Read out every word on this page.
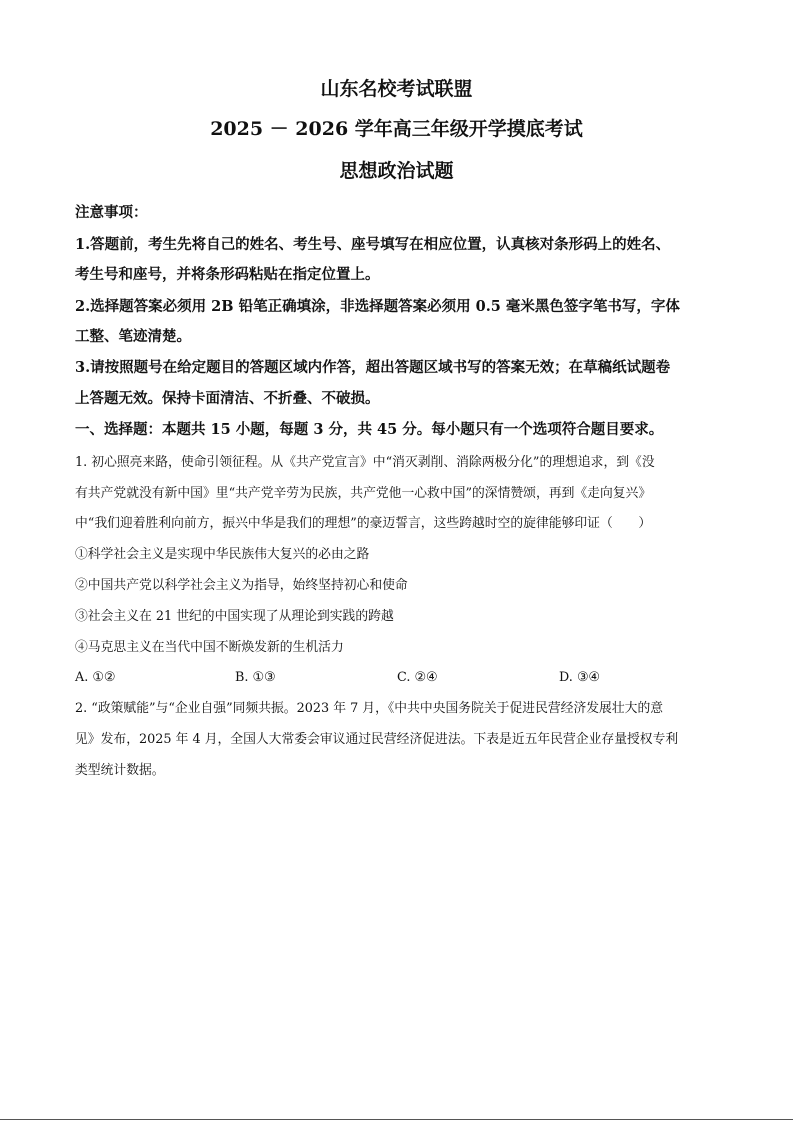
山东名校考试联盟
2025 － 2026 学年高三年级开学摸底考试
思想政治试题
注意事项：
1.答题前，考生先将自己的姓名、考生号、座号填写在相应位置，认真核对条形码上的姓名、
考生号和座号，并将条形码粘贴在指定位置上。
2.选择题答案必须用 2B 铅笔正确填涂，非选择题答案必须用 0.5 毫米黑色签字笔书写，字体
工整、笔迹清楚。
3.请按照题号在给定题目的答题区域内作答，超出答题区域书写的答案无效；在草稿纸试题卷
上答题无效。保持卡面清洁、不折叠、不破损。
一、选择题：本题共 15 小题，每题 3 分，共 45 分。每小题只有一个选项符合题目要求。
1. 初心照亮来路，使命引领征程。从《共产党宣言》中“消灭剥削、消除两极分化”的理想追求，到《没
有共产党就没有新中国》里“共产党辛劳为民族，共产党他一心救中国”的深情赞颂，再到《走向复兴》
中“我们迎着胜利向前方，振兴中华是我们的理想”的豪迈誓言，这些跨越时空的旋律能够印证（　　）
①科学社会主义是实现中华民族伟大复兴的必由之路
②中国共产党以科学社会主义为指导，始终坚持初心和使命
③社会主义在 21 世纪的中国实现了从理论到实践的跨越
④马克思主义在当代中国不断焕发新的生机活力
A. ①②	B. ①③	C. ②④	D. ③④
2. “政策赋能”与“企业自强”同频共振。2023 年 7 月，《中共中央国务院关于促进民营经济发展壮大的意
见》发布，2025 年 4 月，全国人大常委会审议通过民营经济促进法。下表是近五年民营企业存量授权专利
类型统计数据。
